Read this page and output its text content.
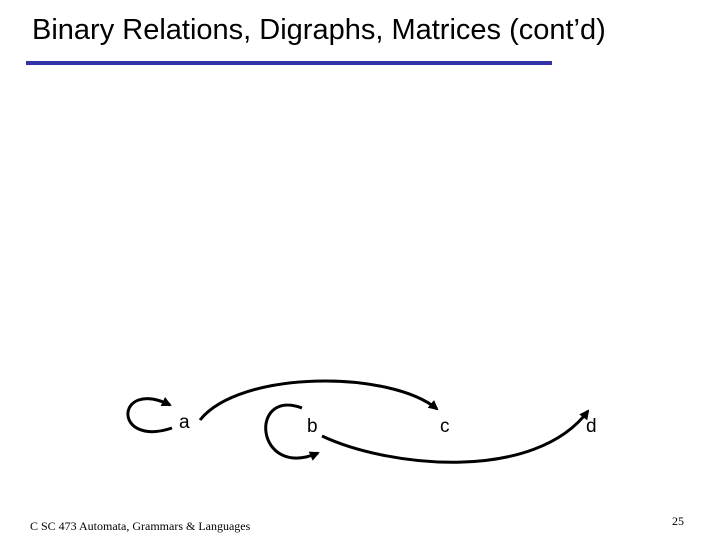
Binary Relations, Digraphs, Matrices (cont’d)
a	b	c	d
C SC 473 Automata, Grammars & Languages	25
